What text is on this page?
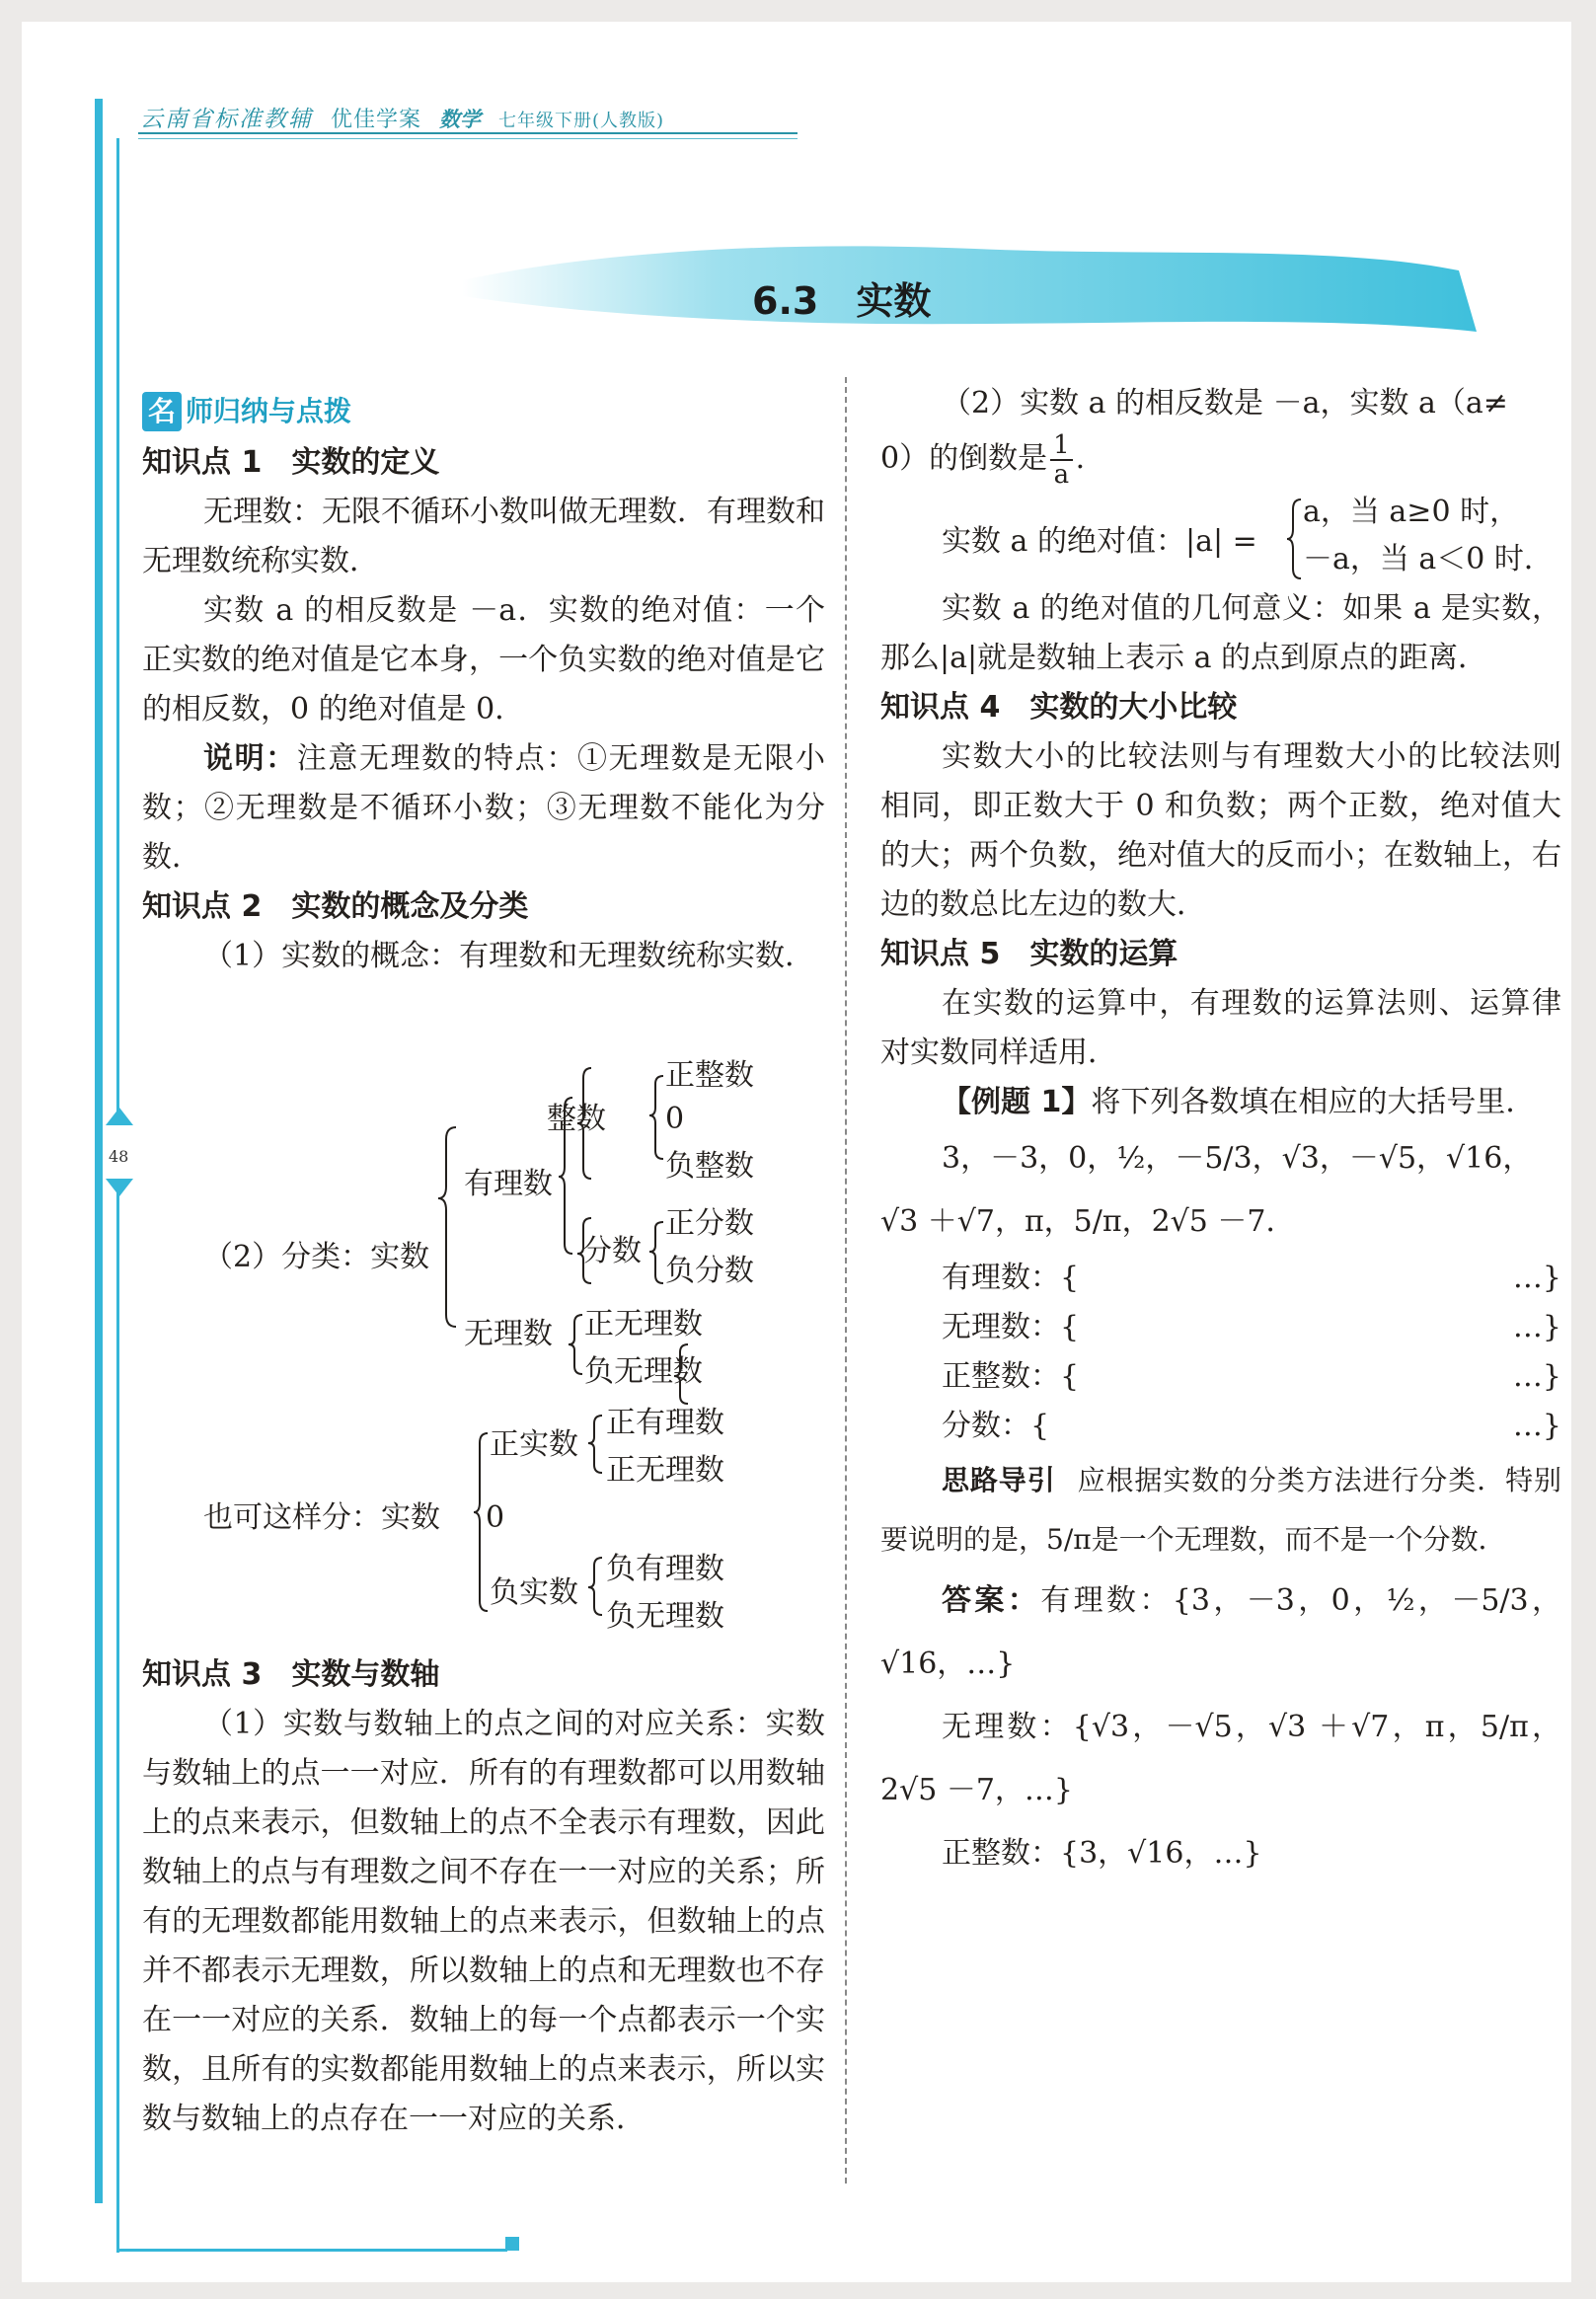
云南省标准教辅 优佳学案 数学 七年级下册(人教版)
48
6.3　实数
名 师归纳与点拨
知识点 1　实数的定义
无理数：无限不循环小数叫做无理数．有理数和无理数统称实数．
实数 a 的相反数是 －a．实数的绝对值：一个正实数的绝对值是它本身，一个负实数的绝对值是它的相反数，0 的绝对值是 0．
说明：注意无理数的特点：①无理数是无限小数；②无理数是不循环小数；③无理数不能化为分数．
知识点 2　实数的概念及分类
（1）实数的概念：有理数和无理数统称实数．
整数
正整数
0
负整数
有理数
分数
正分数
负分数
（2）分类：实数
无理数 正无理数
负无理数
正实数
正有理数
正无理数
也可这样分：实数 0
负实数
负有理数
负无理数
知识点 3　实数与数轴
（1）实数与数轴上的点之间的对应关系：实数与数轴上的点一一对应．所有的有理数都可以用数轴上的点来表示，但数轴上的点不全表示有理数，因此数轴上的点与有理数之间不存在一一对应的关系；所有的无理数都能用数轴上的点来表示，但数轴上的点并不都表示无理数，所以数轴上的点和无理数也不存在一一对应的关系．数轴上的每一个点都表示一个实数，且所有的实数都能用数轴上的点来表示，所以实数与数轴上的点存在一一对应的关系．
（2）实数 a 的相反数是 －a，实数 a（a≠
0）的倒数是 $\frac{1}{a}$ .
实数 a 的绝对值：|a| =
a，当 a≥0 时，
－a，当 a＜0 时．
实数 a 的绝对值的几何意义：如果 a 是实数，那么|a|就是数轴上表示 a 的点到原点的距离．
知识点 4　实数的大小比较
实数大小的比较法则与有理数大小的比较法则相同，即正数大于 0 和负数；两个正数，绝对值大的大；两个负数，绝对值大的反而小；在数轴上，右边的数总比左边的数大．
知识点 5　实数的运算
在实数的运算中，有理数的运算法则、运算律对实数同样适用．
【例题 1】将下列各数填在相应的大括号里．
3，－3，0，½，－5/3，√3，－√5，√16，
√3 ＋√7，π，5/π，2√5 －7．
有理数：{	…}
无理数：{	…}
正整数：{	…}
分数：{	…}
思路导引 应根据实数的分类方法进行分类．特别要说明的是，5/π是一个无理数，而不是一个分数．
答案：有理数：{3，－3，0，½，－5/3，√16，…}
无理数：{√3，－√5，√3 ＋√7，π，5/π，2√5 －7，…}
正整数：{3，√16，…}
